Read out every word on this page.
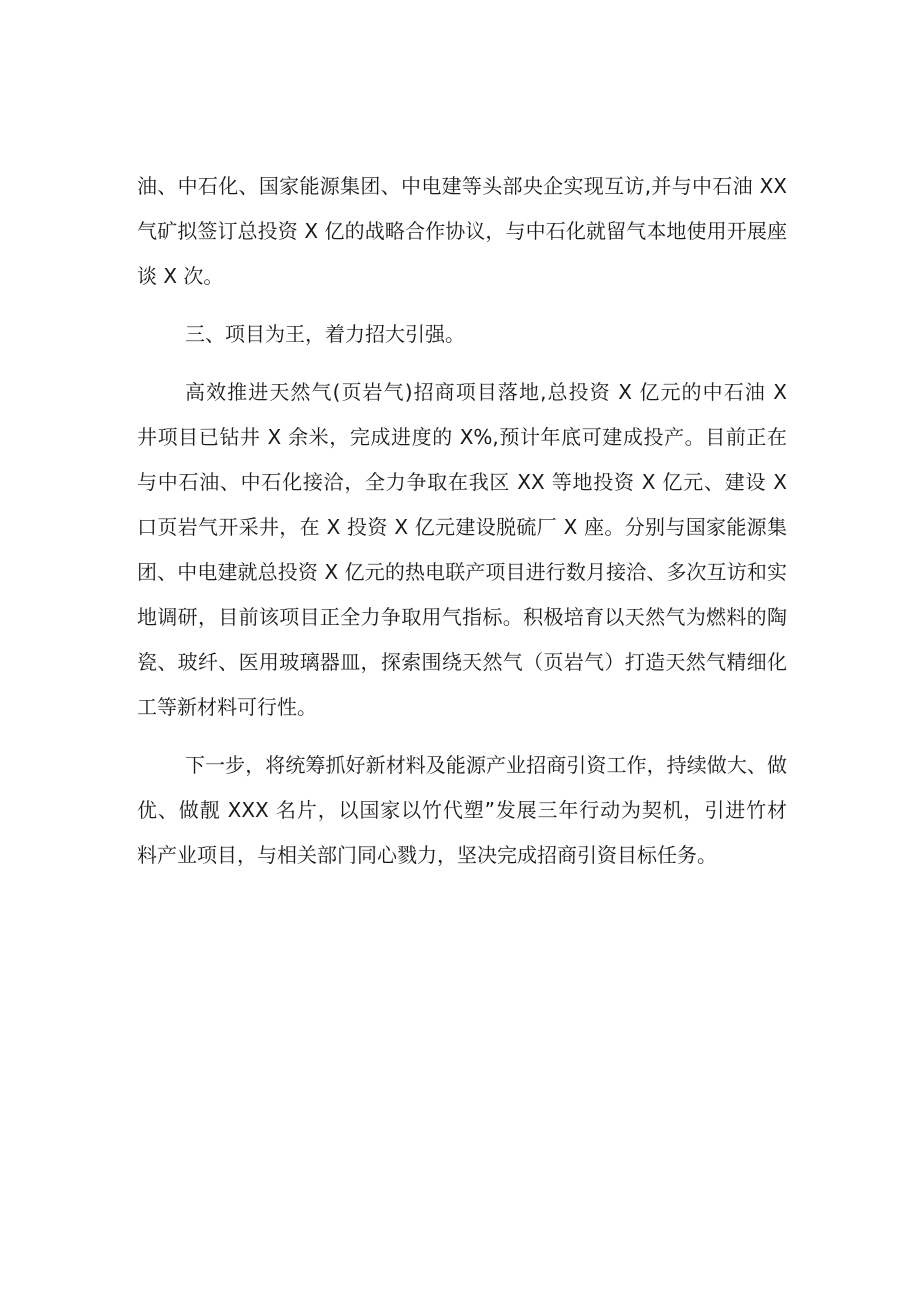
油、中石化、国家能源集团、中电建等头部央企实现互访,并与中石油 XX
气矿拟签订总投资 X 亿的战略合作协议，与中石化就留气本地使用开展座
谈 X 次。
三、项目为王，着力招大引强。
高效推进天然气(页岩气)招商项目落地,总投资 X 亿元的中石油 X
井项目已钻井 X 余米，完成进度的 X%,预计年底可建成投产。目前正在
与中石油、中石化接洽，全力争取在我区 XX 等地投资 X 亿元、建设 X
口页岩气开采井，在 X 投资 X 亿元建设脱硫厂 X 座。分别与国家能源集
团、中电建就总投资 X 亿元的热电联产项目进行数月接洽、多次互访和实
地调研，目前该项目正全力争取用气指标。积极培育以天然气为燃料的陶
瓷、玻纤、医用玻璃器皿，探索围绕天然气（页岩气）打造天然气精细化
工等新材料可行性。
下一步，将统筹抓好新材料及能源产业招商引资工作，持续做大、做
优、做靓 XXX 名片，以国家以竹代塑”发展三年行动为契机，引进竹材
料产业项目，与相关部门同心戮力，坚决完成招商引资目标任务。
